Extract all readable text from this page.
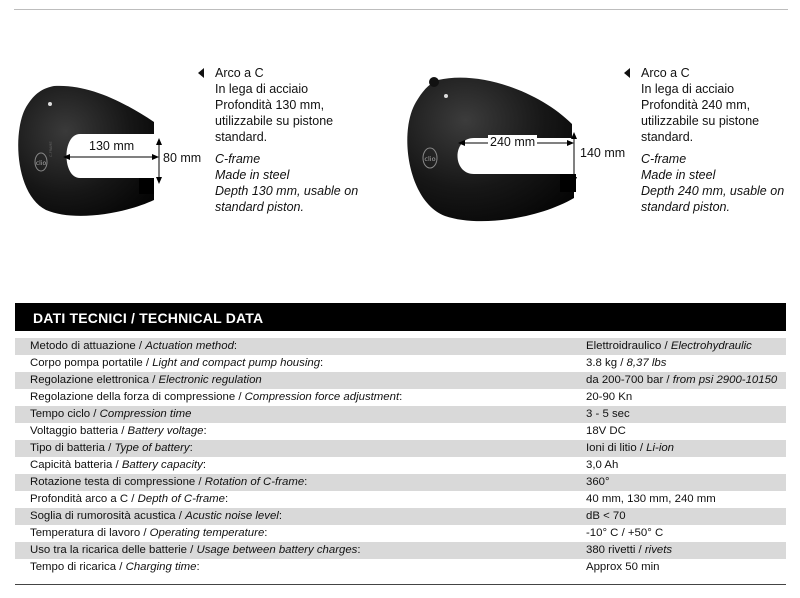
clio
C-FRAME	130 mm
80 mm
Arco a C
In lega di acciaio
Profondità 130 mm,
utilizzabile su pistone
standard.
C-frame
Made in steel
Depth 130 mm, usable on
standard piston.
clio
240 mm
140 mm
Arco a C
In lega di acciaio
Profondità 240 mm,
utilizzabile su pistone
standard.
C-frame
Made in steel
Depth 240 mm, usable on
standard piston.
DATI TECNICI / TECHNICAL DATA
Metodo di attuazione / Actuation method:	Elettroidraulico / Electrohydraulic
Corpo pompa portatile / Light and compact pump housing:	3.8 kg / 8,37 lbs
Regolazione elettronica / Electronic regulation	da 200-700 bar / from psi 2900-10150
Regolazione della forza di compressione / Compression force adjustment:	20-90 Kn
Tempo ciclo / Compression time	3 - 5 sec
Voltaggio batteria / Battery voltage:	18V DC
Tipo di batteria / Type of battery:	Ioni di litio / Li-ion
Capicità batteria / Battery capacity:	3,0 Ah
Rotazione testa di compressione / Rotation of C-frame:	360°
Profondità arco a C / Depth of C-frame:	40 mm, 130 mm, 240 mm
Soglia di rumorosità acustica / Acustic noise level:	dB < 70
Temperatura di lavoro / Operating temperature:	-10° C / +50° C
Uso tra la ricarica delle batterie / Usage between battery charges:	380 rivetti / rivets
Tempo di ricarica / Charging time:	Approx 50 min
